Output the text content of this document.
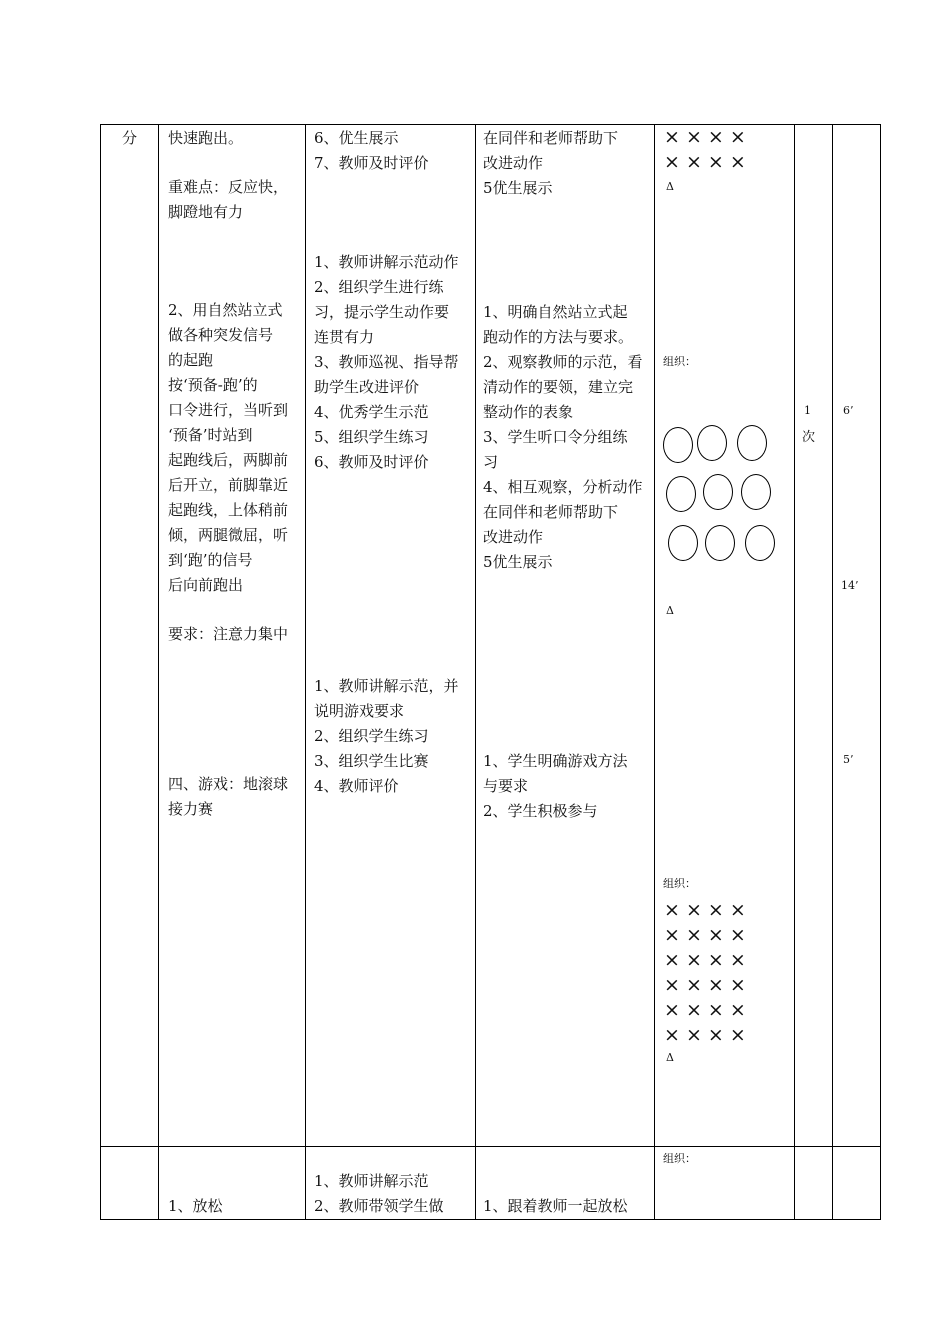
分 快速跑出。
重难点：反应快，
脚蹬地有力
2、用自然站立式
做各种突发信号
的起跑
按‘预备-跑’的
口令进行，当听到
‘预备’时站到
起跑线后，两脚前
后开立，前脚靠近
起跑线，上体稍前
倾，两腿微屈，听
到‘跑’的信号
后向前跑出
要求：注意力集中
四、游戏：地滚球
接力赛
6、优生展示
7、教师及时评价
1、教师讲解示范动作
2、组织学生进行练
习，提示学生动作要
连贯有力
3、教师巡视、指导帮
助学生改进评价
4、优秀学生示范
5、组织学生练习
6、教师及时评价
1、教师讲解示范，并
说明游戏要求
2、组织学生练习
3、组织学生比赛
4、教师评价
在同伴和老师帮助下
改进动作
5优生展示
1、明确自然站立式起
跑动作的方法与要求。
2、观察教师的示范，看
清动作的要领，建立完
整动作的表象
3、学生听口令分组练
习
4、相互观察，分析动作
在同伴和老师帮助下
改进动作
5优生展示
1、学生明确游戏方法
与要求
2、学生积极参与
× × × ×
× × × ×
Δ
组织：
Δ
组织：
× × × ×
× × × ×
× × × ×
× × × ×
× × × ×
× × × ×
Δ
1
次
6’
14’
5’
1、放松
1、教师讲解示范
2、教师带领学生做	1、跟着教师一起放松
组织：
